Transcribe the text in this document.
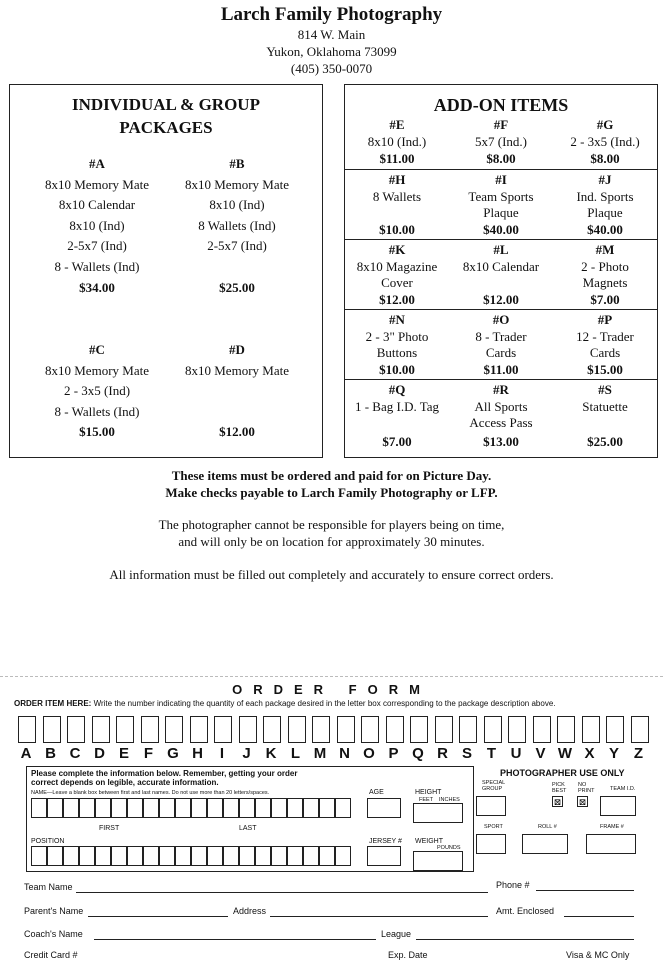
Larch Family Photography
814 W. Main
Yukon, Oklahoma 73099
(405) 350-0070
INDIVIDUAL & GROUP
PACKAGES
#A
8x10 Memory Mate
8x10 Calendar
8x10 (Ind)
2-5x7 (Ind)
8 - Wallets (Ind)
$34.00
#B
8x10 Memory Mate
8x10 (Ind)
8 Wallets (Ind)
2-5x7 (Ind)

$25.00
#C
8x10 Memory Mate
2 - 3x5 (Ind)
8 - Wallets (Ind)
$15.00
#D
8x10 Memory Mate

$12.00
ADD-ON ITEMS
#E
8x10 (Ind.)
$11.00
#F
5x7 (Ind.)
$8.00
#G
2 - 3x5 (Ind.)
$8.00
#H
8 Wallets
$10.00
#I
Team Sports
Plaque
$40.00
#J
Ind. Sports
Plaque
$40.00
#K
8x10 Magazine
Cover
$12.00
#L
8x10 Calendar
$12.00
#M
2 - Photo
Magnets
$7.00
#N
2 - 3" Photo
Buttons
$10.00
#O
8 - Trader
Cards
$11.00
#P
12 - Trader
Cards
$15.00
#Q
1 - Bag I.D. Tag
$7.00
#R
All Sports
Access Pass
$13.00
#S
Statuette
$25.00
These items must be ordered and paid for on Picture Day.
Make checks payable to Larch Family Photography or LFP.
The photographer cannot be responsible for players being on time,
and will only be on location for approximately 30 minutes.
All information must be filled out completely and accurately to ensure correct orders.
ORDER FORM
ORDER ITEM HERE: Write the number indicating the quantity of each package desired in the letter box corresponding to the package description above.
A B C D E F G H	I	J K L M N O P Q R S T U V W X Y Z
Please complete the information below. Remember, getting your order
correct depends on legible, accurate information.
NAME—Leave a blank box between first and last names. Do not use more than 20 letters/spaces.
FIRST	LAST
POSITION
AGE	HEIGHT
FEET INCHES
JERSEY # WEIGHT
POUNDS
PHOTOGRAPHER USE ONLY
SPECIAL GROUP
PICK BEST
⊠
NO PRINT
⊠
TEAM I.D.
SPORT	ROLL #	FRAME #
Team Name	Phone #
Parent's Name	Address	Amt. Enclosed
Coach's Name	League
Credit Card #	Exp. Date	Visa & MC Only
